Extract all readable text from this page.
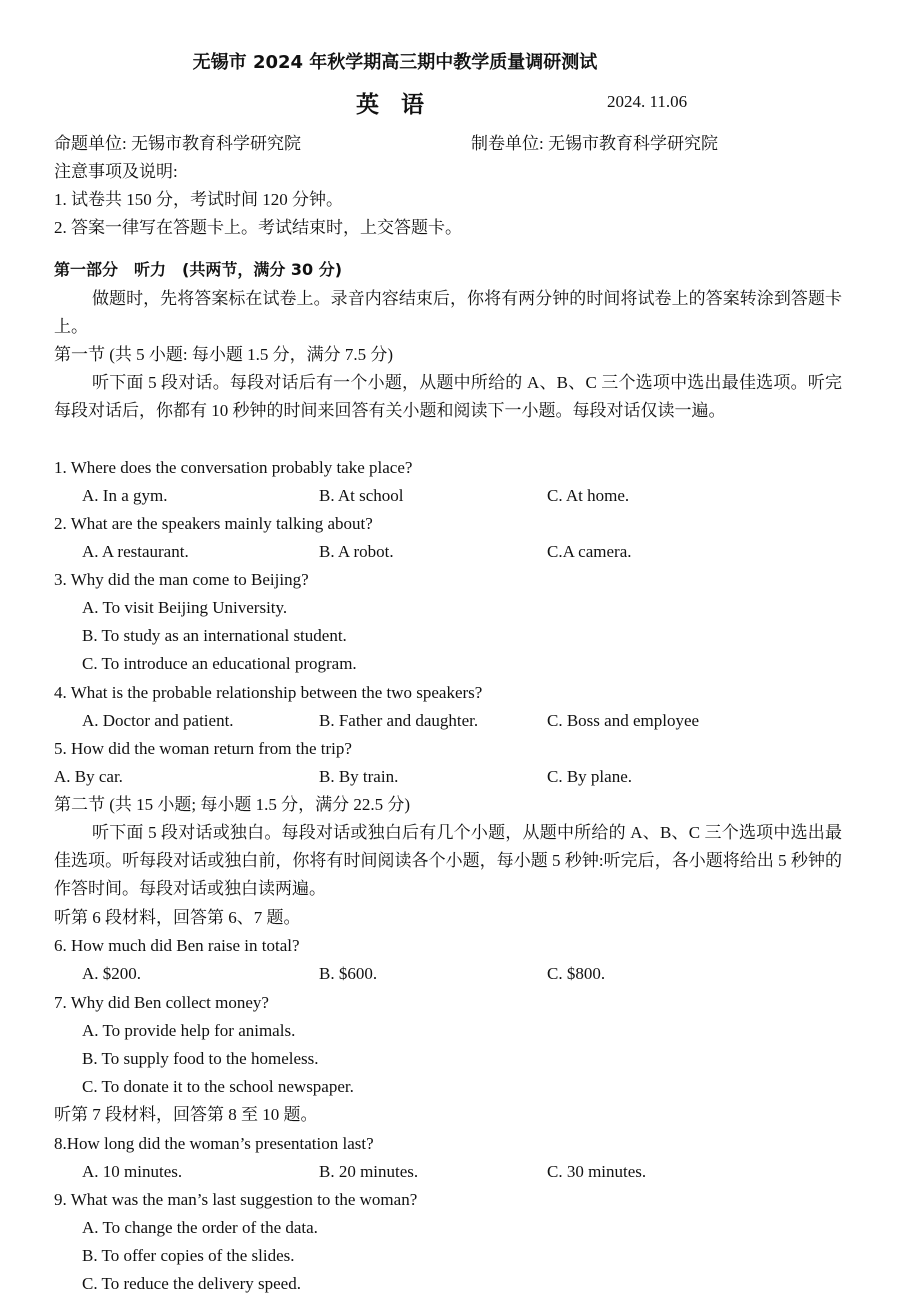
无锡市 2024 年秋学期高三期中教学质量调研测试
英语	2024. 11.06
命题单位: 无锡市教育科学研究院	制卷单位: 无锡市教育科学研究院
注意事项及说明:
1. 试卷共 150 分，考试时间 120 分钟。
2. 答案一律写在答题卡上。考试结束时，上交答题卡。
第一部分　听力　(共两节，满分 30 分)
做题时，先将答案标在试卷上。录音内容结束后，你将有两分钟的时间将试卷上的答案转涂到答题卡上。
第一节 (共 5 小题: 每小题 1.5 分，满分 7.5 分)
听下面 5 段对话。每段对话后有一个小题，从题中所给的 A、B、C 三个选项中选出最佳选项。听完每段对话后，你都有 10 秒钟的时间来回答有关小题和阅读下一小题。每段对话仅读一遍。
1. Where does the conversation probably take place?
A. In a gym.	B. At school	C. At home.
2. What are the speakers mainly talking about?
A. A restaurant.	B. A robot.	C.A camera.
3. Why did the man come to Beijing?
A. To visit Beijing University.
B. To study as an international student.
C. To introduce an educational program.
4. What is the probable relationship between the two speakers?
A. Doctor and patient.	B. Father and daughter.	C. Boss and employee
5. How did the woman return from the trip?
A. By car.	B. By train.	C. By plane.
第二节 (共 15 小题; 每小题 1.5 分，满分 22.5 分)
听下面 5 段对话或独白。每段对话或独白后有几个小题，从题中所给的 A、B、C 三个选项中选出最佳选项。听每段对话或独白前，你将有时间阅读各个小题，每小题 5 秒钟:听完后，各小题将给出 5 秒钟的作答时间。每段对话或独白读两遍。
听第 6 段材料，回答第 6、7 题。
6. How much did Ben raise in total?
A. $200.	B. $600.	C. $800.
7. Why did Ben collect money?
A. To provide help for animals.
B. To supply food to the homeless.
C. To donate it to the school newspaper.
听第 7 段材料，回答第 8 至 10 题。
8.How long did the woman’s presentation last?
A. 10 minutes.	B. 20 minutes.	C. 30 minutes.
9. What was the man’s last suggestion to the woman?
A. To change the order of the data.
B. To offer copies of the slides.
C. To reduce the delivery speed.
